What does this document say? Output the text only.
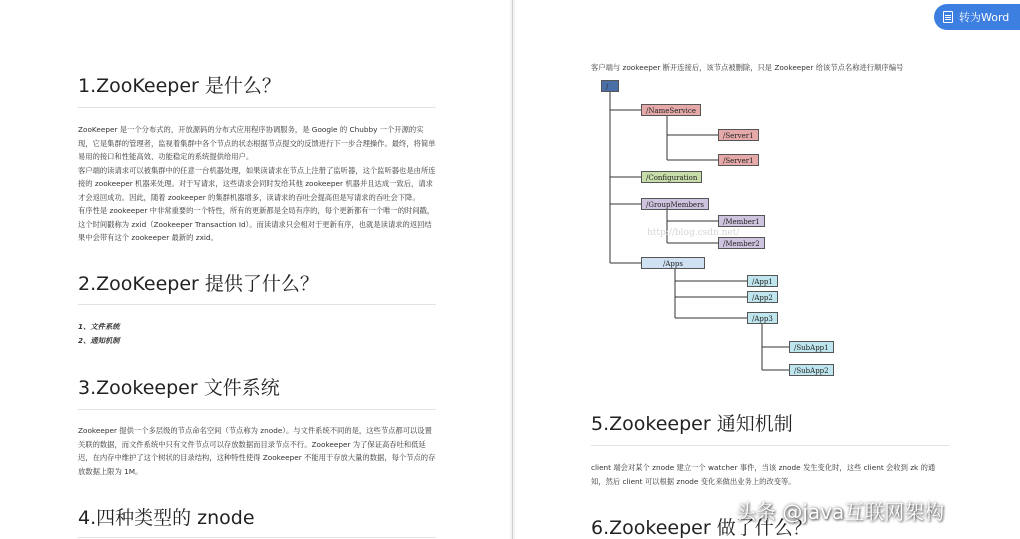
1.ZooKeeper 是什么？

ZooKeeper 是一个分布式的，开放源码的分布式应用程序协调服务，是 Google 的 Chubby 一个开源的实现，它是集群的管理者，监视着集群中各个节点的状态根据节点提交的反馈进行下一步合理操作。最终，将简单易用的接口和性能高效、功能稳定的系统提供给用户。

客户端的读请求可以被集群中的任意一台机器处理，如果读请求在节点上注册了监听器，这个监听器也是由所连接的 zookeeper 机器来处理。对于写请求，这些请求会同时发给其他 zookeeper 机器并且达成一致后，请求才会返回成功。因此，随着 zookeeper 的集群机器增多，读请求的吞吐会提高但是写请求的吞吐会下降。

有序性是 zookeeper 中非常重要的一个特性，所有的更新都是全局有序的，每个更新都有一个唯一的时间戳，这个时间戳称为 zxid（Zookeeper Transaction Id）。而读请求只会相对于更新有序，也就是读请求的返回结果中会带有这个 zookeeper 最新的 zxid。

2.ZooKeeper 提供了什么？
1、文件系统
2、通知机制
3.Zookeeper 文件系统

Zookeeper 提供一个多层级的节点命名空间（节点称为 znode）。与文件系统不同的是，这些节点都可以设置关联的数据，而文件系统中只有文件节点可以存放数据而目录节点不行。Zookeeper 为了保证高吞吐和低延迟，在内存中维护了这个树状的目录结构，这种特性使得 Zookeeper 不能用于存放大量的数据，每个节点的存放数据上限为 1M。

4.四种类型的 znode
客户端与 zookeeper 断开连接后，该节点被删除，只是 Zookeeper 给该节点名称进行顺序编号
/
/NameService
/Server1
/Server1
/Configuration
/GroupMembers
/Member1
/Member2
/Apps
/App1
/App2
/App3
/SubApp1
/SubApp2
http://blog.csdn.net/
5.Zookeeper 通知机制
client 端会对某个 znode 建立一个 watcher 事件，当该 znode 发生变化时，这些 client 会收到 zk 的通知，然后 client 可以根据 znode 变化来做出业务上的改变等。
6.Zookeeper 做了什么？
转为Word
头条 @java互联网架构
